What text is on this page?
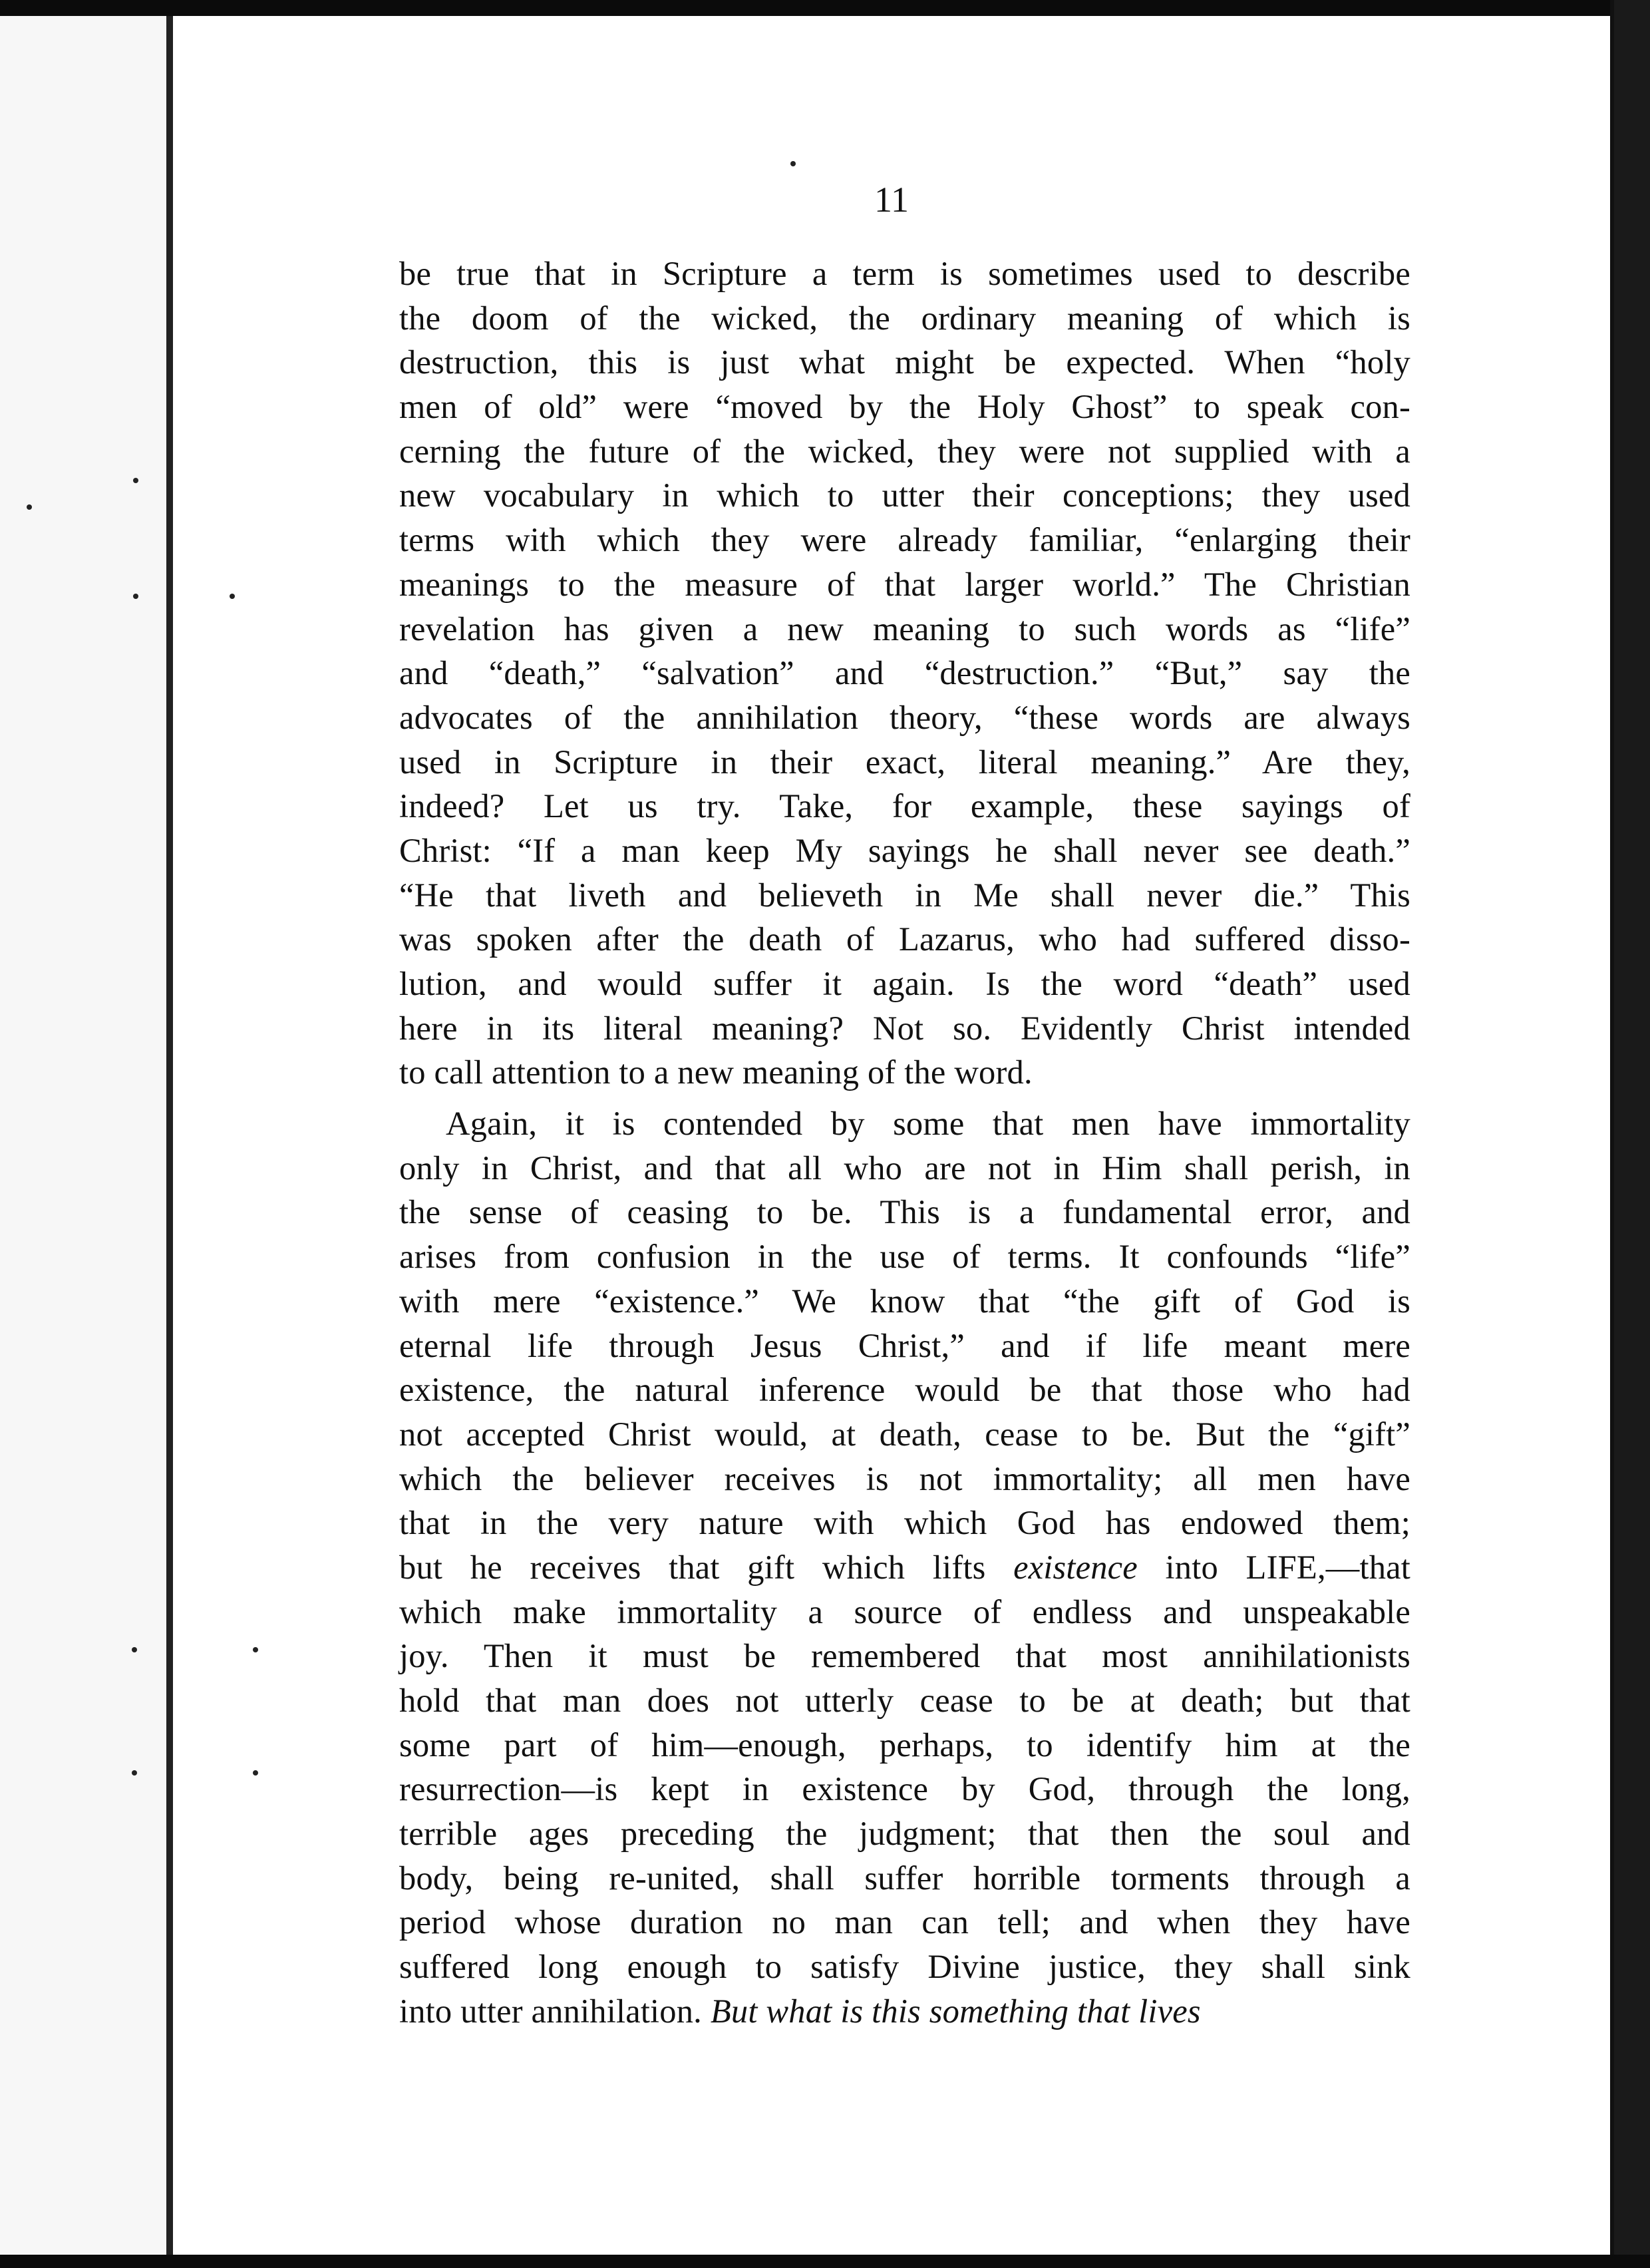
11
be true that in Scripture a term is sometimes used to describe
the doom of the wicked, the ordinary meaning of which is
destruction, this is just what might be expected. When “holy
men of old” were “moved by the Holy Ghost” to speak con-
cerning the future of the wicked, they were not supplied with a
new vocabulary in which to utter their conceptions; they used
terms with which they were already familiar, “enlarging their
meanings to the measure of that larger world.” The Christian
revelation has given a new meaning to such words as “life”
and “death,” “salvation” and “destruction.” “But,” say the
advocates of the annihilation theory, “these words are always
used in Scripture in their exact, literal meaning.” Are they,
indeed? Let us try. Take, for example, these sayings of
Christ: “If a man keep My sayings he shall never see death.”
“He that liveth and believeth in Me shall never die.” This
was spoken after the death of Lazarus, who had suffered disso-
lution, and would suffer it again. Is the word “death” used
here in its literal meaning? Not so. Evidently Christ intended
to call attention to a new meaning of the word.
Again, it is contended by some that men have immortality
only in Christ, and that all who are not in Him shall perish, in
the sense of ceasing to be. This is a fundamental error, and
arises from confusion in the use of terms. It confounds “life”
with mere “existence.” We know that “the gift of God is
eternal life through Jesus Christ,” and if life meant mere
existence, the natural inference would be that those who had
not accepted Christ would, at death, cease to be. But the “gift”
which the believer receives is not immortality; all men have
that in the very nature with which God has endowed them;
but he receives that gift which lifts existence into LIFE,—that
which make immortality a source of endless and unspeakable
joy. Then it must be remembered that most annihilationists
hold that man does not utterly cease to be at death; but that
some part of him—enough, perhaps, to identify him at the
resurrection—is kept in existence by God, through the long,
terrible ages preceding the judgment; that then the soul and
body, being re-united, shall suffer horrible torments through a
period whose duration no man can tell; and when they have
suffered long enough to satisfy Divine justice, they shall sink
into utter annihilation. But what is this something that lives
